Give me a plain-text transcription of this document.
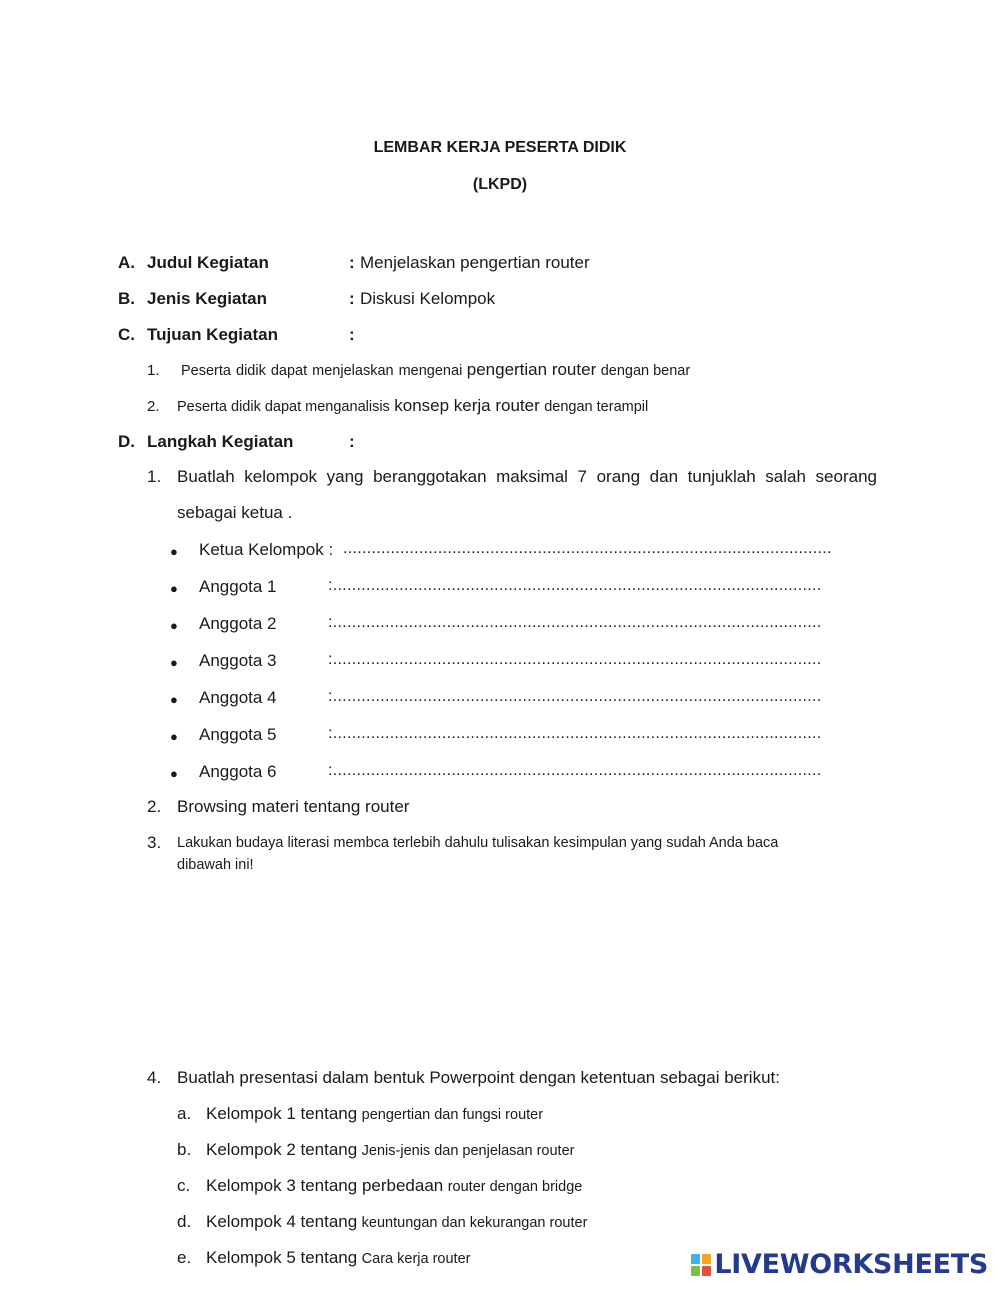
LEMBAR KERJA PESERTA DIDIK
(LKPD)
A. Judul Kegiatan	: Menjelaskan pengertian router
B. Jenis Kegiatan	: Diskusi Kelompok
C. Tujuan Kegiatan	:
1. Peserta didik dapat menjelaskan mengenai pengertian router dengan benar
2. Peserta didik dapat menganalisis konsep kerja router dengan terampil
D. Langkah Kegiatan	:
1. Buatlah kelompok yang beranggotakan maksimal 7 orang dan tunjuklah salah seorang
sebagai ketua .
● Ketua Kelompok : .......................................................................................................
● Anggota 1	:.......................................................................................................
● Anggota 2	:.......................................................................................................
● Anggota 3	:.......................................................................................................
● Anggota 4	:.......................................................................................................
● Anggota 5	:.......................................................................................................
● Anggota 6	:.......................................................................................................
2. Browsing materi tentang router
3. Lakukan budaya literasi membca terlebih dahulu tulisakan kesimpulan yang sudah Anda baca
dibawah ini!
4. Buatlah presentasi dalam bentuk Powerpoint dengan ketentuan sebagai berikut:
a. Kelompok 1 tentang pengertian dan fungsi router
b. Kelompok 2 tentang Jenis-jenis dan penjelasan router
c. Kelompok 3 tentang perbedaan router dengan bridge
d. Kelompok 4 tentang keuntungan dan kekurangan router
e. Kelompok 5 tentang Cara kerja router	LIVEWORKSHEETS
